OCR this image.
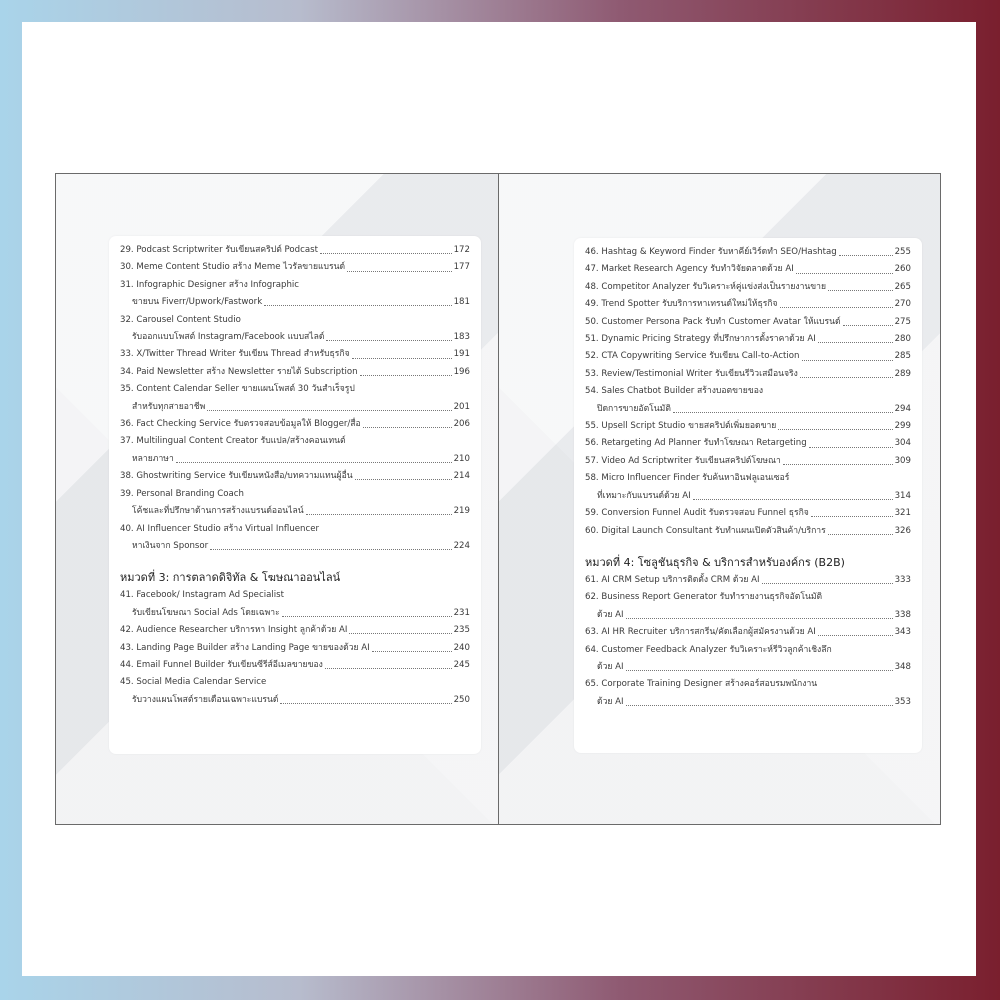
29. Podcast Scriptwriter รับเขียนสคริปต์ Podcast	172
30. Meme Content Studio สร้าง Meme ไวรัลขายแบรนด์	177
31. Infographic Designer สร้าง Infographic
ขายบน Fiverr/Upwork/Fastwork	181
32. Carousel Content Studio
รับออกแบบโพสต์ Instagram/Facebook แบบสไลด์	183
33. X/Twitter Thread Writer รับเขียน Thread สำหรับธุรกิจ	191
34. Paid Newsletter สร้าง Newsletter รายได้ Subscription	196
35. Content Calendar Seller ขายแผนโพสต์ 30 วันสำเร็จรูป
สำหรับทุกสายอาชีพ	201
36. Fact Checking Service รับตรวจสอบข้อมูลให้ Blogger/สื่อ	206
37. Multilingual Content Creator รับแปล/สร้างคอนเทนต์
หลายภาษา	210
38. Ghostwriting Service รับเขียนหนังสือ/บทความแทนผู้อื่น	214
39. Personal Branding Coach
โค้ชและที่ปรึกษาด้านการสร้างแบรนด์ออนไลน์	219
40. AI Influencer Studio สร้าง Virtual Influencer
หาเงินจาก Sponsor	224
หมวดที่ 3: การตลาดดิจิทัล & โฆษณาออนไลน์
41. Facebook/ Instagram Ad Specialist
รับเขียนโฆษณา Social Ads โดยเฉพาะ	231
42. Audience Researcher บริการหา Insight ลูกค้าด้วย AI	235
43. Landing Page Builder สร้าง Landing Page ขายของด้วย AI	240
44. Email Funnel Builder รับเขียนซีรีส์อีเมลขายของ	245
45. Social Media Calendar Service
รับวางแผนโพสต์รายเดือนเฉพาะแบรนด์	250
46. Hashtag & Keyword Finder รับหาคีย์เวิร์ดทำ SEO/Hashtag	255
47. Market Research Agency รับทำวิจัยตลาดด้วย AI	260
48. Competitor Analyzer รับวิเคราะห์คู่แข่งส่งเป็นรายงานขาย	265
49. Trend Spotter รับบริการหาเทรนด์ใหม่ให้ธุรกิจ	270
50. Customer Persona Pack รับทำ Customer Avatar ให้แบรนด์	275
51. Dynamic Pricing Strategy ที่ปรึกษาการตั้งราคาด้วย AI	280
52. CTA Copywriting Service รับเขียน Call-to-Action	285
53. Review/Testimonial Writer รับเขียนรีวิวเสมือนจริง	289
54. Sales Chatbot Builder สร้างบอตขายของ
ปิดการขายอัตโนมัติ	294
55. Upsell Script Studio ขายสคริปต์เพิ่มยอดขาย	299
56. Retargeting Ad Planner รับทำโฆษณา Retargeting	304
57. Video Ad Scriptwriter รับเขียนสคริปต์โฆษณา	309
58. Micro Influencer Finder รับค้นหาอินฟลูเอนเซอร์
ที่เหมาะกับแบรนด์ด้วย AI	314
59. Conversion Funnel Audit รับตรวจสอบ Funnel ธุรกิจ	321
60. Digital Launch Consultant รับทำแผนเปิดตัวสินค้า/บริการ	326
หมวดที่ 4: โซลูชันธุรกิจ & บริการสำหรับองค์กร (B2B)
61. AI CRM Setup บริการติดตั้ง CRM ด้วย AI	333
62. Business Report Generator รับทำรายงานธุรกิจอัตโนมัติ
ด้วย AI	338
63. AI HR Recruiter บริการสกรีน/คัดเลือกผู้สมัครงานด้วย AI	343
64. Customer Feedback Analyzer รับวิเคราะห์รีวิวลูกค้าเชิงลึก
ด้วย AI	348
65. Corporate Training Designer สร้างคอร์สอบรมพนักงาน
ด้วย AI	353
